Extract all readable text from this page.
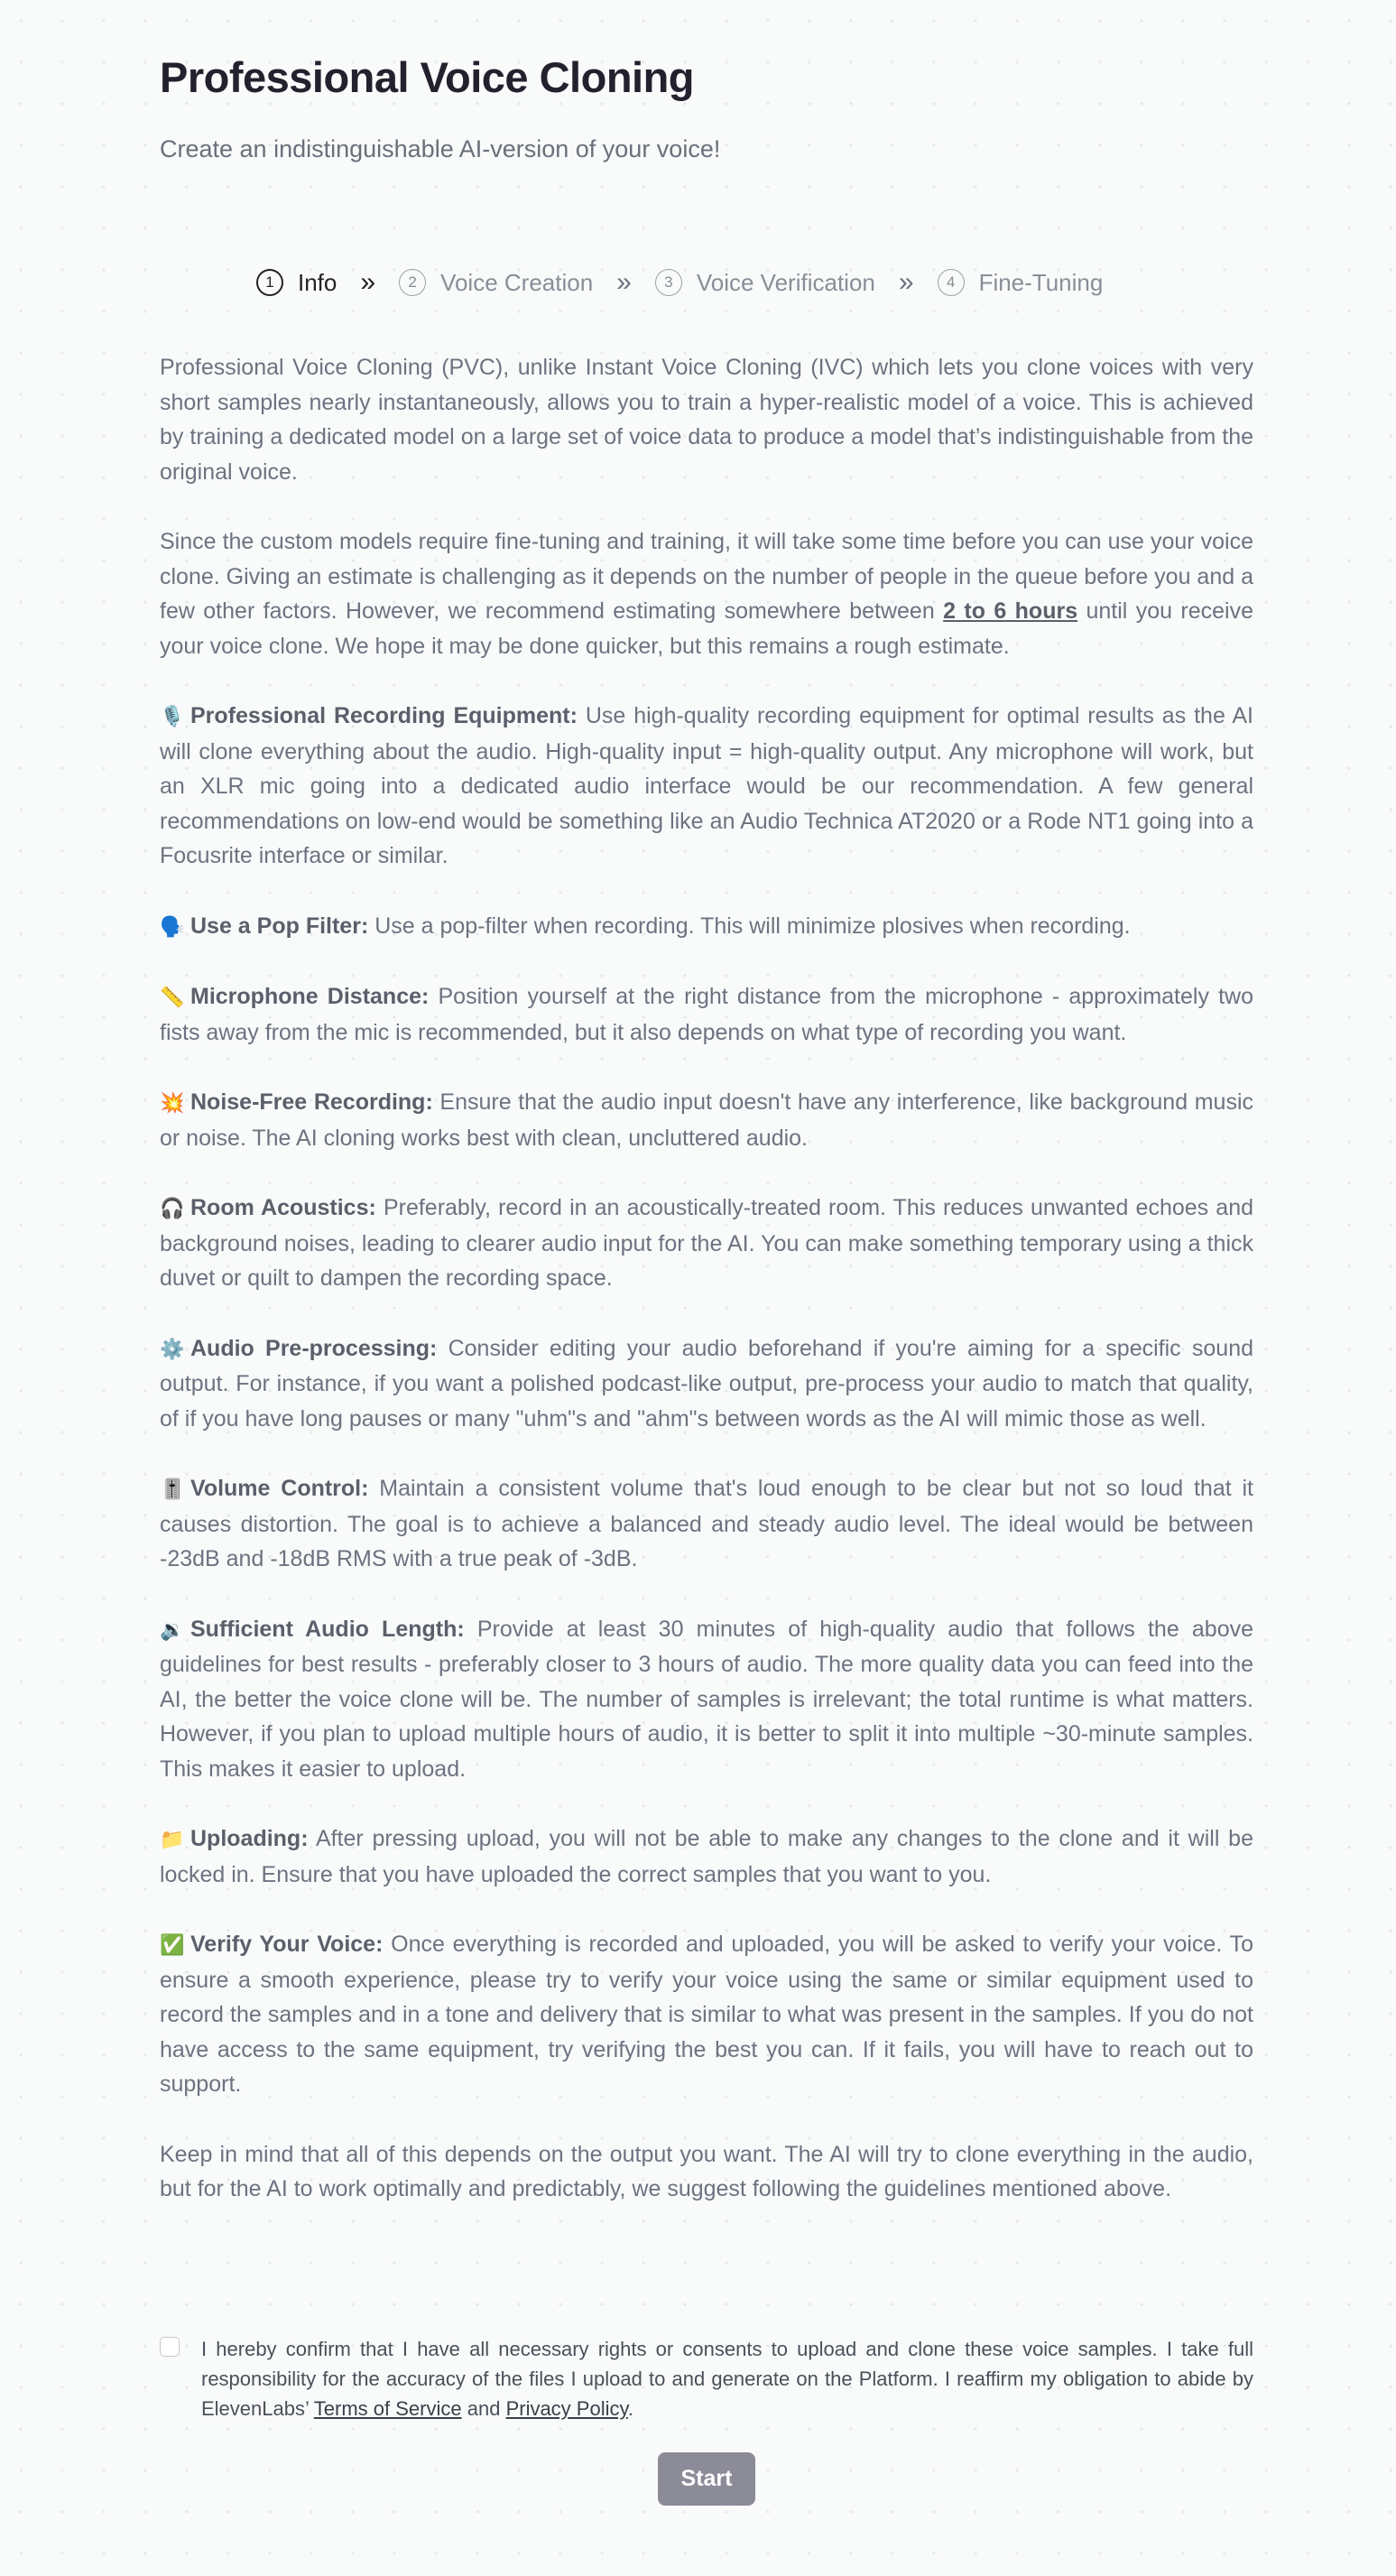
Professional Voice Cloning

Create an indistinguishable AI-version of your voice!

1	Info »	2	Voice Creation »	3	Voice Verification »	4	Fine-Tuning

Professional Voice Cloning (PVC), unlike Instant Voice Cloning (IVC) which lets you clone voices with very short samples nearly instantaneously, allows you to train a hyper-realistic model of a voice. This is achieved by training a dedicated model on a large set of voice data to produce a model that’s indistinguishable from the original voice.

Since the custom models require fine-tuning and training, it will take some time before you can use your voice clone. Giving an estimate is challenging as it depends on the number of people in the queue before you and a few other factors. However, we recommend estimating somewhere between 2 to 6 hours until you receive your voice clone. We hope it may be done quicker, but this remains a rough estimate.

🎙️ Professional Recording Equipment: Use high-quality recording equipment for optimal results as the AI will clone everything about the audio. High-quality input = high-quality output. Any microphone will work, but an XLR mic going into a dedicated audio interface would be our recommendation. A few general recommendations on low-end would be something like an Audio Technica AT2020 or a Rode NT1 going into a Focusrite interface or similar.

🗣️ Use a Pop Filter: Use a pop-filter when recording. This will minimize plosives when recording.

📏 Microphone Distance: Position yourself at the right distance from the microphone - approximately two fists away from the mic is recommended, but it also depends on what type of recording you want.

💥 Noise-Free Recording: Ensure that the audio input doesn't have any interference, like background music or noise. The AI cloning works best with clean, uncluttered audio.

🎧 Room Acoustics: Preferably, record in an acoustically-treated room. This reduces unwanted echoes and background noises, leading to clearer audio input for the AI. You can make something temporary using a thick duvet or quilt to dampen the recording space.

⚙️ Audio Pre-processing: Consider editing your audio beforehand if you're aiming for a specific sound output. For instance, if you want a polished podcast-like output, pre-process your audio to match that quality, of if you have long pauses or many "uhm"s and "ahm"s between words as the AI will mimic those as well.

🎚️ Volume Control: Maintain a consistent volume that's loud enough to be clear but not so loud that it causes distortion. The goal is to achieve a balanced and steady audio level. The ideal would be between -23dB and -18dB RMS with a true peak of -3dB.

🔉 Sufficient Audio Length: Provide at least 30 minutes of high-quality audio that follows the above guidelines for best results - preferably closer to 3 hours of audio. The more quality data you can feed into the AI, the better the voice clone will be. The number of samples is irrelevant; the total runtime is what matters. However, if you plan to upload multiple hours of audio, it is better to split it into multiple ~30-minute samples. This makes it easier to upload.

📁 Uploading: After pressing upload, you will not be able to make any changes to the clone and it will be locked in. Ensure that you have uploaded the correct samples that you want to you.

✅ Verify Your Voice: Once everything is recorded and uploaded, you will be asked to verify your voice. To ensure a smooth experience, please try to verify your voice using the same or similar equipment used to record the samples and in a tone and delivery that is similar to what was present in the samples. If you do not have access to the same equipment, try verifying the best you can. If it fails, you will have to reach out to support.

Keep in mind that all of this depends on the output you want. The AI will try to clone everything in the audio, but for the AI to work optimally and predictably, we suggest following the guidelines mentioned above.

I hereby confirm that I have all necessary rights or consents to upload and clone these voice samples. I take full responsibility for the accuracy of the files I upload to and generate on the Platform. I reaffirm my obligation to abide by ElevenLabs’ Terms of Service and Privacy Policy.
Start
